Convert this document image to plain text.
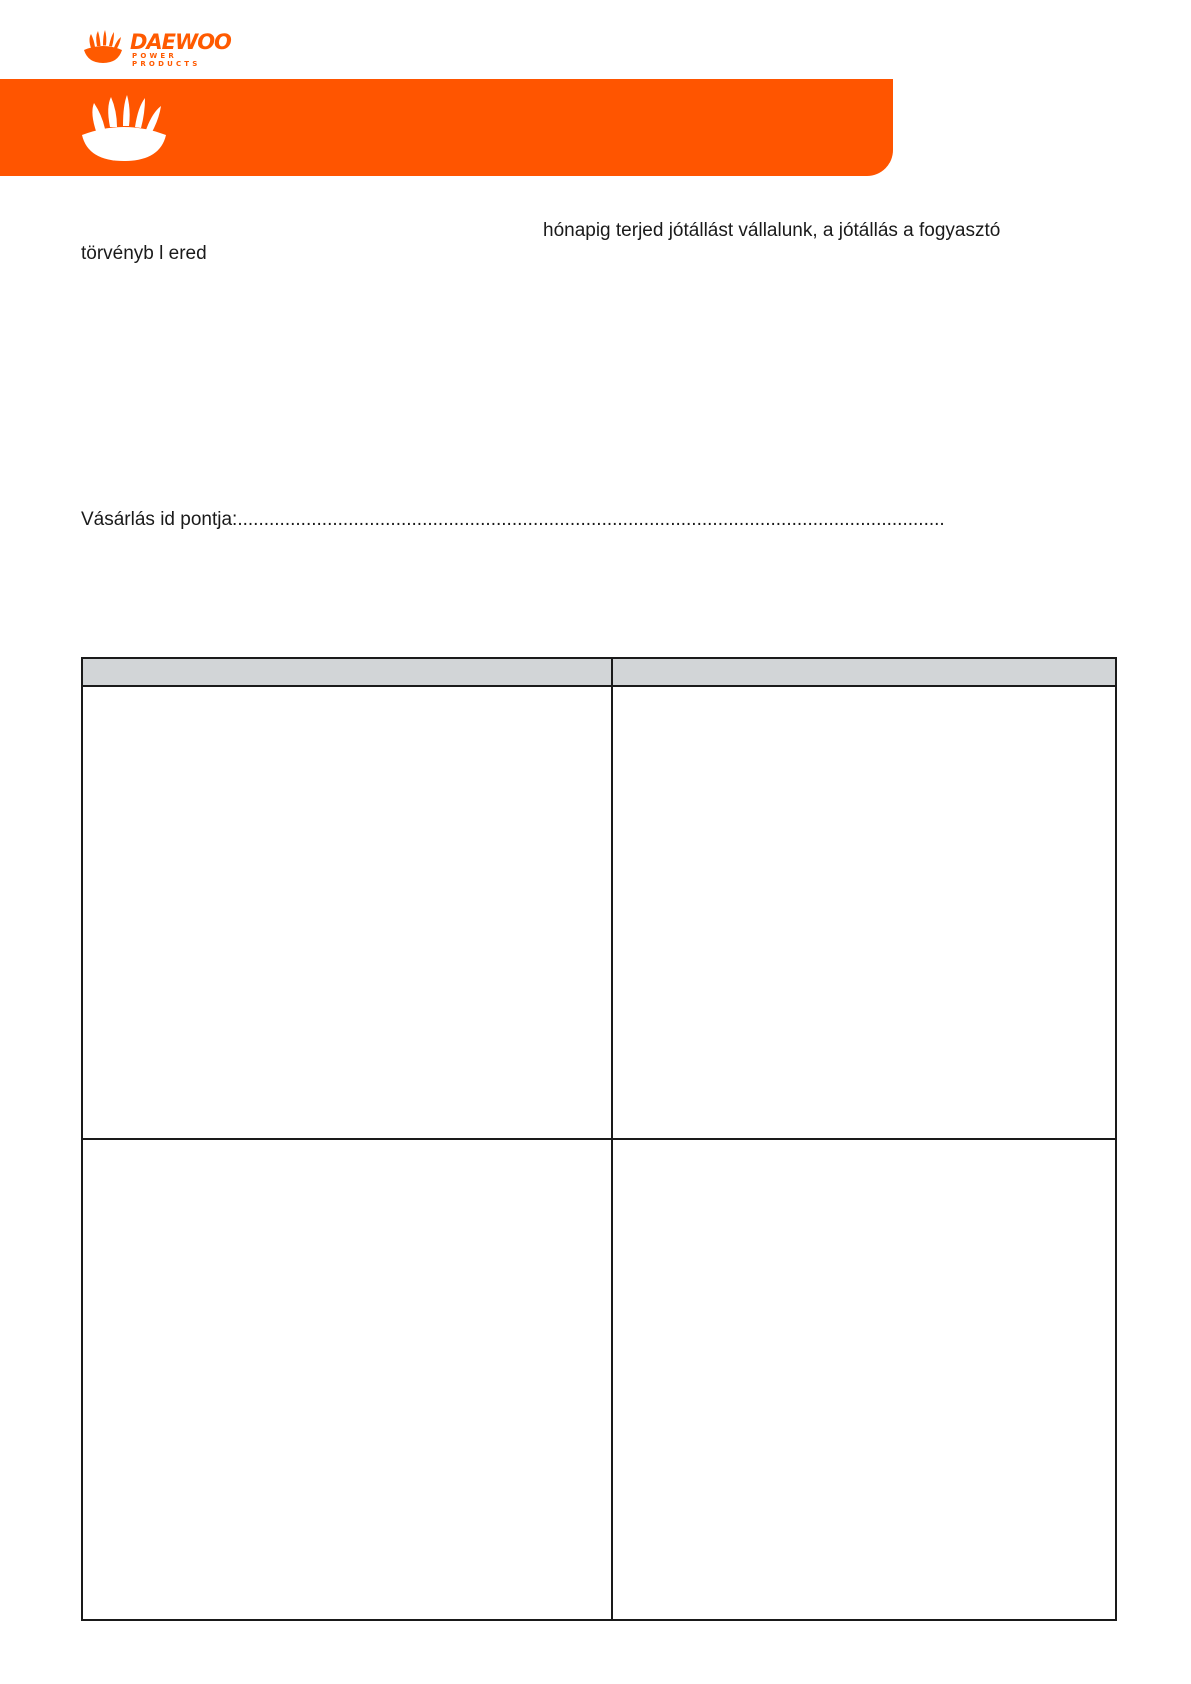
DAEWOO
POWER PRODUCTS
hónapig terjed jótállást vállalunk, a jótállás a fogyasztó
törvényb l ered
Vásárlás id pontja:......................................................................................................................................
